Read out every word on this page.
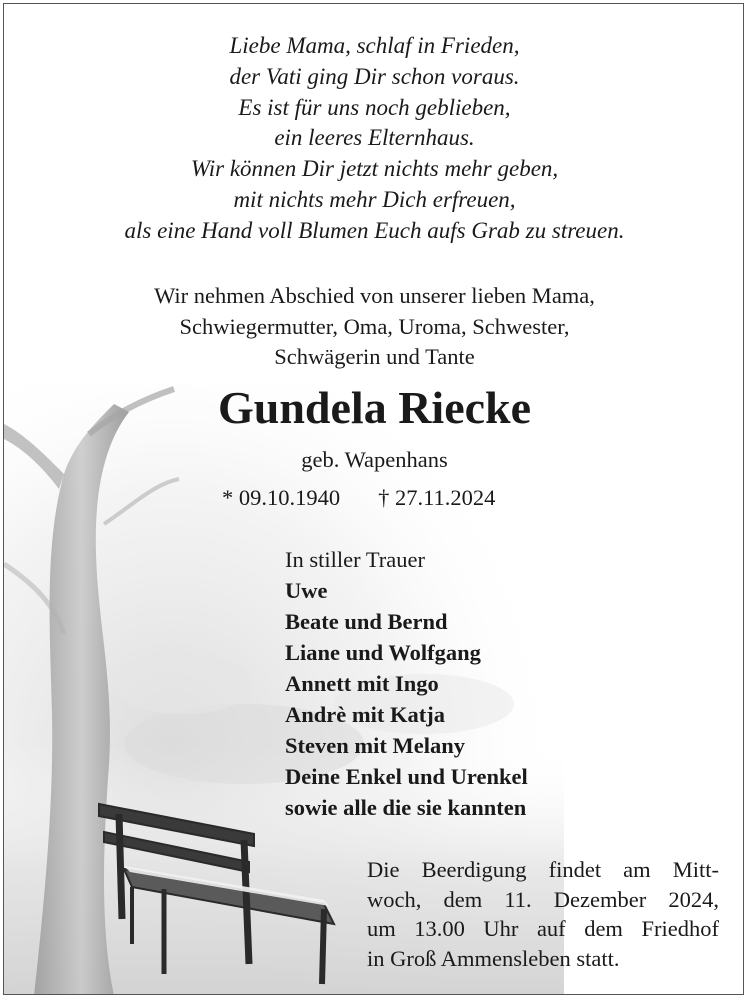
Liebe Mama, schlaf in Frieden,
der Vati ging Dir schon voraus.
Es ist für uns noch geblieben,
ein leeres Elternhaus.
Wir können Dir jetzt nichts mehr geben,
mit nichts mehr Dich erfreuen,
als eine Hand voll Blumen Euch aufs Grab zu streuen.
Wir nehmen Abschied von unserer lieben Mama,
Schwiegermutter, Oma, Uroma, Schwester,
Schwägerin und Tante
Gundela Riecke
geb. Wapenhans
* 09.10.1940 † 27.11.2024
In stiller Trauer
Uwe
Beate und Bernd
Liane und Wolfgang
Annett mit Ingo
Andrè mit Katja
Steven mit Melany
Deine Enkel und Urenkel
sowie alle die sie kannten
Die Beerdigung findet am Mitt-
woch, dem 11. Dezember 2024,
um 13.00 Uhr auf dem Friedhof
in Groß Ammensleben statt.
